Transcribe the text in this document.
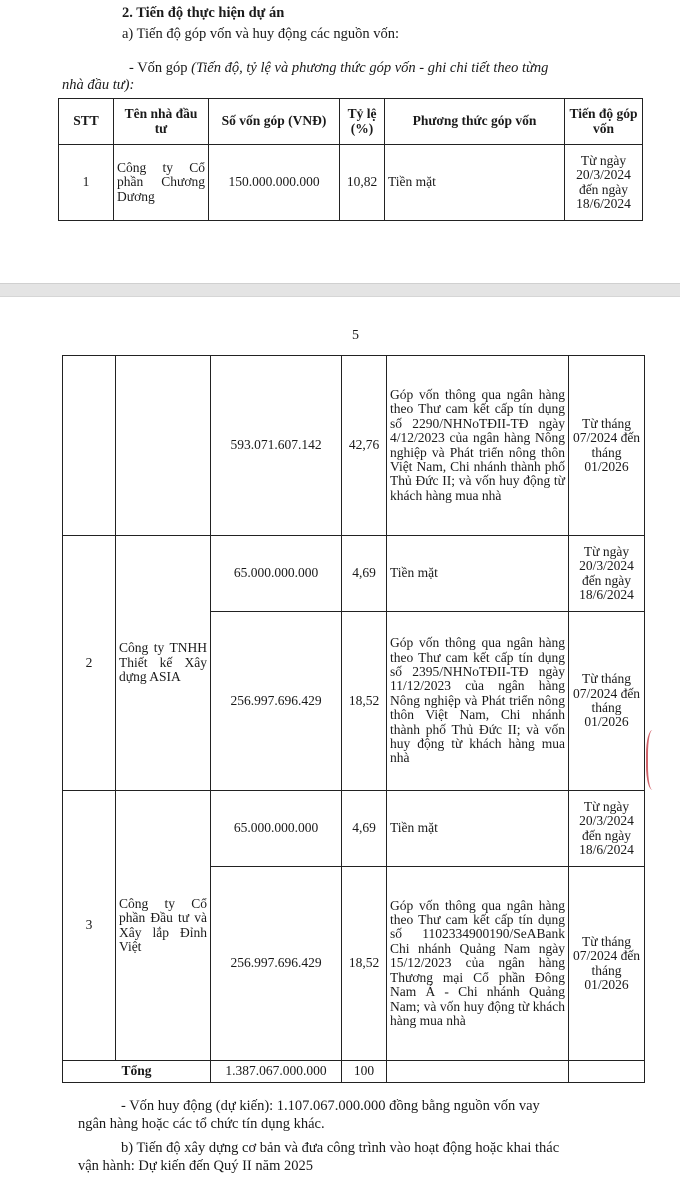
2. Tiến độ thực hiện dự án
a) Tiến độ góp vốn và huy động các nguồn vốn:
- Vốn góp (Tiến độ, tỷ lệ và phương thức góp vốn - ghi chi tiết theo từng
nhà đầu tư):
STT	Tên nhà đầu tư	Số vốn góp (VNĐ)	Tỷ lệ (%)	Phương thức góp vốn	Tiến độ góp vốn
1	Công ty Cổ phần Chương Dương	150.000.000.000	10,82	Tiền mặt	Từ ngày 20/3/2024 đến ngày 18/6/2024
5
		593.071.607.142	42,76	Góp vốn thông qua ngân hàng theo Thư cam kết cấp tín dụng số 2290/NHNoTĐII-TĐ ngày 4/12/2023 của ngân hàng Nông nghiệp và Phát triển nông thôn Việt Nam, Chi nhánh thành phố Thủ Đức II; và vốn huy động từ khách hàng mua nhà	Từ tháng 07/2024 đến tháng 01/2026
2	Công ty TNHH Thiết kế Xây dựng ASIA	65.000.000.000	4,69	Tiền mặt	Từ ngày 20/3/2024 đến ngày 18/6/2024
		256.997.696.429	18,52	Góp vốn thông qua ngân hàng theo Thư cam kết cấp tín dụng số 2395/NHNoTĐII-TĐ ngày 11/12/2023 của ngân hàng Nông nghiệp và Phát triển nông thôn Việt Nam, Chi nhánh thành phố Thủ Đức II; và vốn huy động từ khách hàng mua nhà	Từ tháng 07/2024 đến tháng 01/2026
3	Công ty Cổ phần Đầu tư và Xây lắp Đỉnh Việt	65.000.000.000	4,69	Tiền mặt	Từ ngày 20/3/2024 đến ngày 18/6/2024
		256.997.696.429	18,52	Góp vốn thông qua ngân hàng theo Thư cam kết cấp tín dụng số 1102334900190/SeABank Chi nhánh Quảng Nam ngày 15/12/2023 của ngân hàng Thương mại Cổ phần Đông Nam Á - Chi nhánh Quảng Nam; và vốn huy động từ khách hàng mua nhà	Từ tháng 07/2024 đến tháng 01/2026
Tổng		1.387.067.000.000	100		
- Vốn huy động (dự kiến): 1.107.067.000.000 đồng bằng nguồn vốn vay
ngân hàng hoặc các tổ chức tín dụng khác.
b) Tiến độ xây dựng cơ bản và đưa công trình vào hoạt động hoặc khai thác
vận hành: Dự kiến đến Quý II năm 2025
